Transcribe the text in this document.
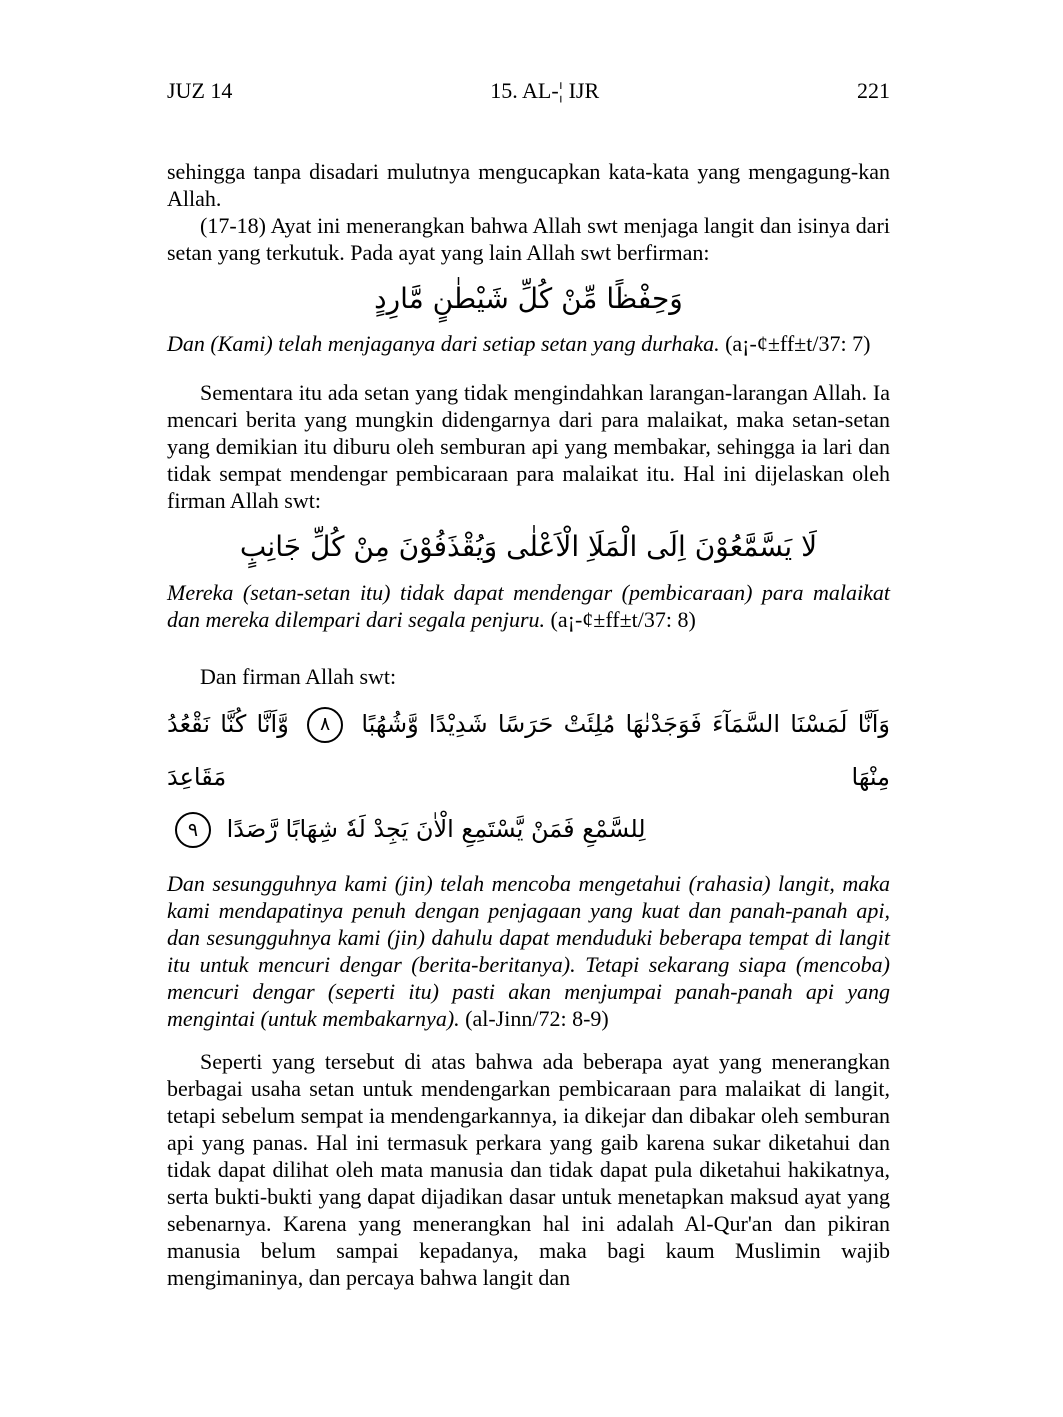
JUZ 14	15. AL-¦ IJR	221

sehingga tanpa disadari mulutnya mengucapkan kata-kata yang mengagung-kan Allah.

(17-18) Ayat ini menerangkan bahwa Allah swt menjaga langit dan isinya dari setan yang terkutuk. Pada ayat yang lain Allah swt berfirman:

وَحِفْظًا مِّنْ كُلِّ شَيْطٰنٍ مَّارِدٍ

Dan (Kami) telah menjaganya dari setiap setan yang durhaka. (a¡-¢±ff±t/37: 7)

Sementara itu ada setan yang tidak mengindahkan larangan-larangan Allah. Ia mencari berita yang mungkin didengarnya dari para malaikat, maka setan-setan yang demikian itu diburu oleh semburan api yang membakar, sehingga ia lari dan tidak sempat mendengar pembicaraan para malaikat itu. Hal ini dijelaskan oleh firman Allah swt:

لَا يَسَّمَّعُوْنَ اِلَى الْمَلَاِ الْاَعْلٰى وَيُقْذَفُوْنَ مِنْ كُلِّ جَانِبٍ

Mereka (setan-setan itu) tidak dapat mendengar (pembicaraan) para malaikat dan mereka dilempari dari segala penjuru. (a¡-¢±ff±t/37: 8)

Dan firman Allah swt:

وَاَنَّا لَمَسْنَا السَّمَآءَ فَوَجَدْنٰهَا مُلِئَتْ حَرَسًا شَدِيْدًا وَّشُهُبًا ٨ وَّاَنَّا كُنَّا نَقْعُدُ مِنْهَا مَقَاعِدَ
لِلسَّمْعِ فَمَنْ يَّسْتَمِعِ الْاٰنَ يَجِدْ لَهٗ شِهَابًا رَّصَدًا ٩

Dan sesungguhnya kami (jin) telah mencoba mengetahui (rahasia) langit, maka kami mendapatinya penuh dengan penjagaan yang kuat dan panah-panah api, dan sesungguhnya kami (jin) dahulu dapat menduduki beberapa tempat di langit itu untuk mencuri dengar (berita-beritanya). Tetapi sekarang siapa (mencoba) mencuri dengar (seperti itu) pasti akan menjumpai panah-panah api yang mengintai (untuk membakarnya). (al-Jinn/72: 8-9)

Seperti yang tersebut di atas bahwa ada beberapa ayat yang menerangkan berbagai usaha setan untuk mendengarkan pembicaraan para malaikat di langit, tetapi sebelum sempat ia mendengarkannya, ia dikejar dan dibakar oleh semburan api yang panas. Hal ini termasuk perkara yang gaib karena sukar diketahui dan tidak dapat dilihat oleh mata manusia dan tidak dapat pula diketahui hakikatnya, serta bukti-bukti yang dapat dijadikan dasar untuk menetapkan maksud ayat yang sebenarnya. Karena yang menerangkan hal ini adalah Al-Qur'an dan pikiran manusia belum sampai kepadanya, maka bagi kaum Muslimin wajib mengimaninya, dan percaya bahwa langit dan
